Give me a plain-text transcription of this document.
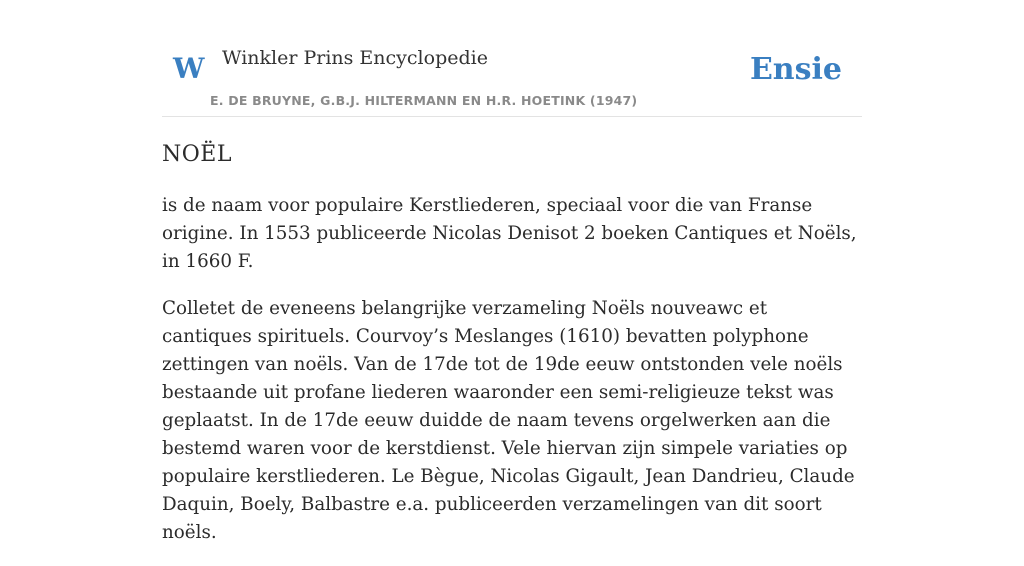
W Winkler Prins Encyclopedie
E. DE BRUYNE, G.B.J. HILTERMANN EN H.R. HOETINK (1947)
Ensie
NOËL

is de naam voor populaire Kerstliederen, speciaal voor die van Franse origine. In 1553 publiceerde Nicolas Denisot 2 boeken Cantiques et Noëls, in 1660 F.

Colletet de eveneens belangrijke verzameling Noëls nouveawc et cantiques spirituels. Courvoy’s Meslanges (1610) bevatten polyphone zettingen van noëls. Van de 17de tot de 19de eeuw ontstonden vele noëls bestaande uit profane liederen waaronder een semi-religieuze tekst was geplaatst. In de 17de eeuw duidde de naam tevens orgelwerken aan die bestemd waren voor de kerstdienst. Vele hiervan zijn simpele variaties op populaire kerstliederen. Le Bègue, Nicolas Gigault, Jean Dandrieu, Claude Daquin, Boely, Balbastre e.a. publiceerden verzamelingen van dit soort noëls.
